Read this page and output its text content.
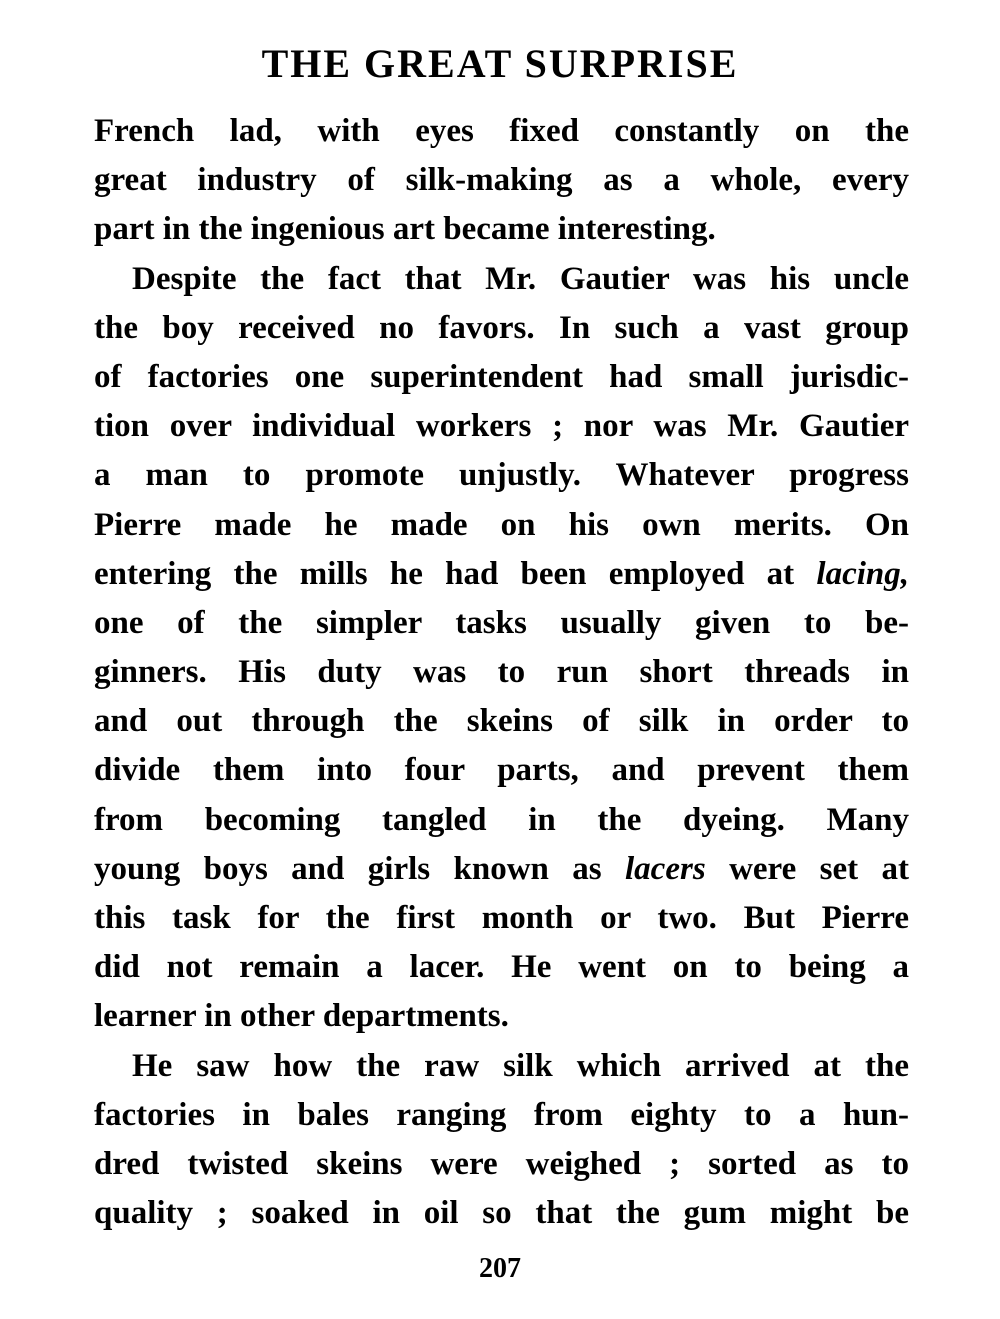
THE GREAT SURPRISE
French lad, with eyes fixed constantly on the
great industry of silk-making as a whole, every
part in the ingenious art became interesting.
Despite the fact that Mr. Gautier was his uncle
the boy received no favors. In such a vast group
of factories one superintendent had small jurisdic-
tion over individual workers ; nor was Mr. Gautier
a man to promote unjustly. Whatever progress
Pierre made he made on his own merits. On
entering the mills he had been employed at lacing,
one of the simpler tasks usually given to be-
ginners. His duty was to run short threads in
and out through the skeins of silk in order to
divide them into four parts, and prevent them
from becoming tangled in the dyeing. Many
young boys and girls known as lacers were set at
this task for the first month or two. But Pierre
did not remain a lacer. He went on to being a
learner in other departments.
He saw how the raw silk which arrived at the
factories in bales ranging from eighty to a hun-
dred twisted skeins were weighed ; sorted as to
quality ; soaked in oil so that the gum might be

207
